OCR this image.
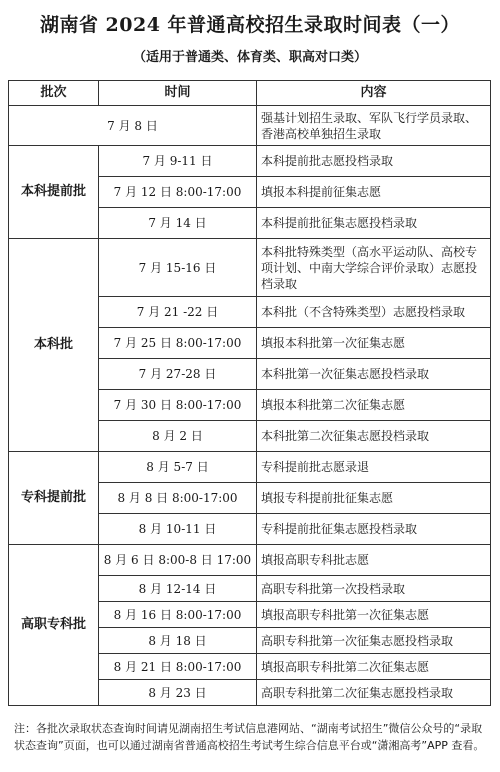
湖南省 2024 年普通高校招生录取时间表（一）
（适用于普通类、体育类、职高对口类）
批次	时间	内容
7 月 8 日		强基计划招生录取、军队飞行学员录取、香港高校单独招生录取
本科提前批	7 月 9-11 日	本科提前批志愿投档录取
	7 月 12 日 8:00-17:00	填报本科提前征集志愿
	7 月 14 日	本科提前批征集志愿投档录取
本科批	7 月 15-16 日	本科批特殊类型（高水平运动队、高校专项计划、中南大学综合评价录取）志愿投档录取
	7 月 21 -22 日	本科批（不含特殊类型）志愿投档录取
	7 月 25 日 8:00-17:00	填报本科批第一次征集志愿
	7 月 27-28 日	本科批第一次征集志愿投档录取
	7 月 30 日 8:00-17:00	填报本科批第二次征集志愿
	8 月 2 日	本科批第二次征集志愿投档录取
专科提前批	8 月 5-7 日	专科提前批志愿录退
	8 月 8 日 8:00-17:00	填报专科提前批征集志愿
	8 月 10-11 日	专科提前批征集志愿投档录取
高职专科批	8 月 6 日 8:00-8 日 17:00	填报高职专科批志愿
	8 月 12-14 日	高职专科批第一次投档录取
	8 月 16 日 8:00-17:00	填报高职专科批第一次征集志愿
	8 月 18 日	高职专科批第一次征集志愿投档录取
	8 月 21 日 8:00-17:00	填报高职专科批第二次征集志愿
	8 月 23 日	高职专科批第二次征集志愿投档录取
注：各批次录取状态查询时间请见湖南招生考试信息港网站、“湖南考试招生”微信公众号的“录取状态查询”页面，也可以通过湖南省普通高校招生考试考生综合信息平台或“潇湘高考”APP 查看。
